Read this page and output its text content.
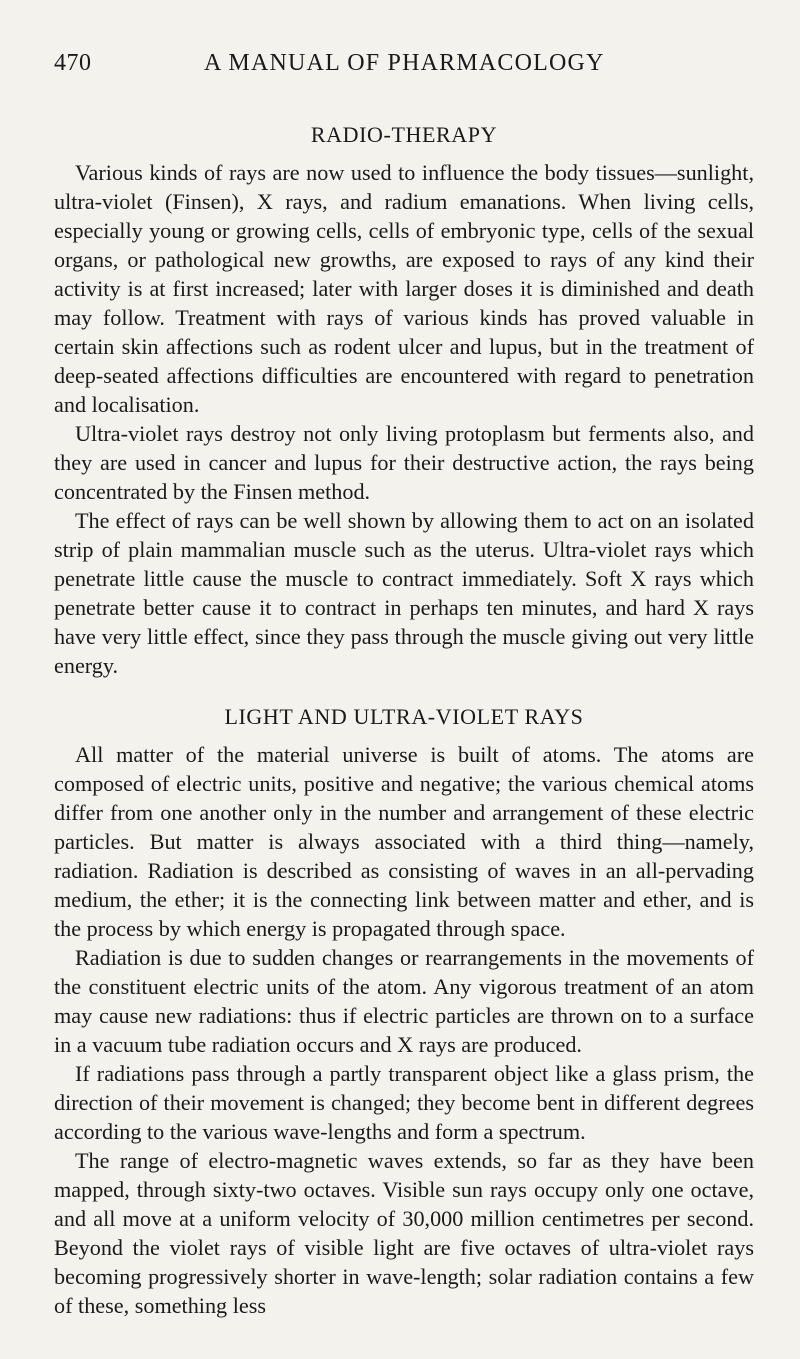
470	A MANUAL OF PHARMACOLOGY
RADIO-THERAPY

Various kinds of rays are now used to influence the body tissues—sunlight, ultra-violet (Finsen), X rays, and radium emanations. When living cells, especially young or growing cells, cells of embryonic type, cells of the sexual organs, or pathological new growths, are exposed to rays of any kind their activity is at first increased; later with larger doses it is diminished and death may follow. Treatment with rays of various kinds has proved valuable in certain skin affections such as rodent ulcer and lupus, but in the treatment of deep-seated affections difficulties are encountered with regard to penetration and localisation.

Ultra-violet rays destroy not only living protoplasm but ferments also, and they are used in cancer and lupus for their destructive action, the rays being concentrated by the Finsen method.

The effect of rays can be well shown by allowing them to act on an isolated strip of plain mammalian muscle such as the uterus. Ultra-violet rays which penetrate little cause the muscle to contract immediately. Soft X rays which penetrate better cause it to contract in perhaps ten minutes, and hard X rays have very little effect, since they pass through the muscle giving out very little energy.

LIGHT AND ULTRA-VIOLET RAYS

All matter of the material universe is built of atoms. The atoms are composed of electric units, positive and negative; the various chemical atoms differ from one another only in the number and arrangement of these electric particles. But matter is always associated with a third thing—namely, radiation. Radiation is described as consisting of waves in an all-pervading medium, the ether; it is the connecting link between matter and ether, and is the process by which energy is propagated through space.

Radiation is due to sudden changes or rearrangements in the movements of the constituent electric units of the atom. Any vigorous treatment of an atom may cause new radiations: thus if electric particles are thrown on to a surface in a vacuum tube radiation occurs and X rays are produced.

If radiations pass through a partly transparent object like a glass prism, the direction of their movement is changed; they become bent in different degrees according to the various wave-lengths and form a spectrum.

The range of electro-magnetic waves extends, so far as they have been mapped, through sixty-two octaves. Visible sun rays occupy only one octave, and all move at a uniform velocity of 30,000 million centimetres per second. Beyond the violet rays of visible light are five octaves of ultra-violet rays becoming progressively shorter in wave-length; solar radiation contains a few of these, something less
